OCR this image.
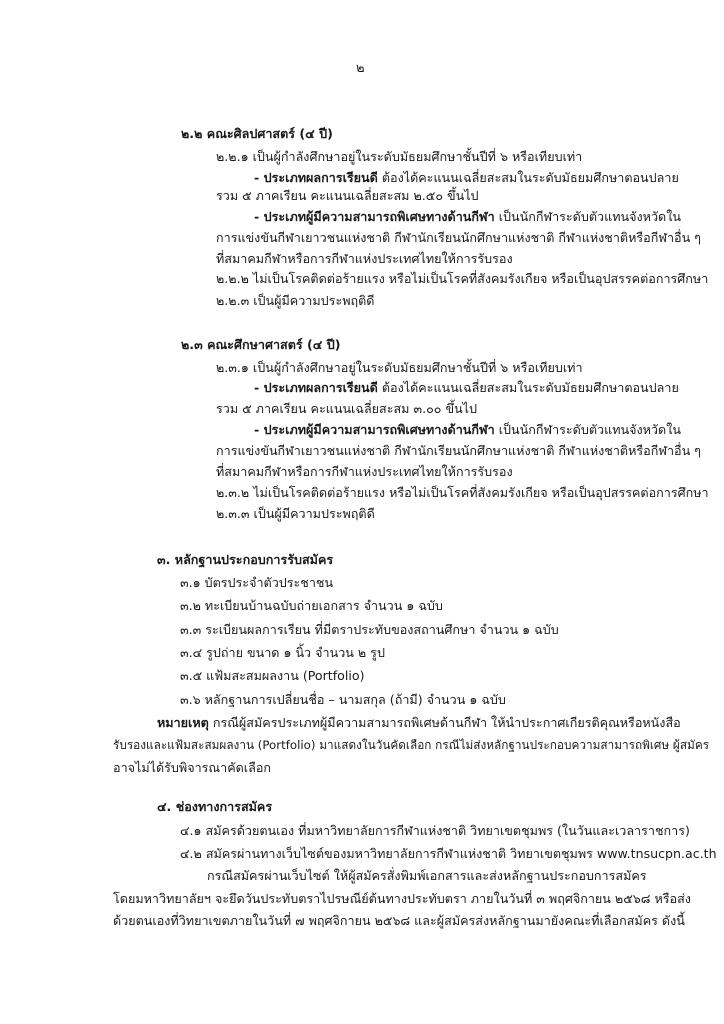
๒
๒.๒ คณะศิลปศาสตร์ (๔ ปี)
๒.๒.๑ เป็นผู้กำลังศึกษาอยู่ในระดับมัธยมศึกษาชั้นปีที่ ๖ หรือเทียบเท่า
- ประเภทผลการเรียนดี ต้องได้คะแนนเฉลี่ยสะสมในระดับมัธยมศึกษาตอนปลาย
รวม ๕ ภาคเรียน คะแนนเฉลี่ยสะสม ๒.๕๐ ขึ้นไป
- ประเภทผู้มีความสามารถพิเศษทางด้านกีฬา เป็นนักกีฬาระดับตัวแทนจังหวัดใน
การแข่งขันกีฬาเยาวชนแห่งชาติ กีฬานักเรียนนักศึกษาแห่งชาติ กีฬาแห่งชาติหรือกีฬาอื่น ๆ
ที่สมาคมกีฬาหรือการกีฬาแห่งประเทศไทยให้การรับรอง
๒.๒.๒ ไม่เป็นโรคติดต่อร้ายแรง หรือไม่เป็นโรคที่สังคมรังเกียจ หรือเป็นอุปสรรคต่อการศึกษา
๒.๒.๓ เป็นผู้มีความประพฤติดี
๒.๓ คณะศึกษาศาสตร์ (๔ ปี)
๒.๓.๑ เป็นผู้กำลังศึกษาอยู่ในระดับมัธยมศึกษาชั้นปีที่ ๖ หรือเทียบเท่า
- ประเภทผลการเรียนดี ต้องได้คะแนนเฉลี่ยสะสมในระดับมัธยมศึกษาตอนปลาย
รวม ๕ ภาคเรียน คะแนนเฉลี่ยสะสม ๓.๐๐ ขึ้นไป
- ประเภทผู้มีความสามารถพิเศษทางด้านกีฬา เป็นนักกีฬาระดับตัวแทนจังหวัดใน
การแข่งขันกีฬาเยาวชนแห่งชาติ กีฬานักเรียนนักศึกษาแห่งชาติ กีฬาแห่งชาติหรือกีฬาอื่น ๆ
ที่สมาคมกีฬาหรือการกีฬาแห่งประเทศไทยให้การรับรอง
๒.๓.๒ ไม่เป็นโรคติดต่อร้ายแรง หรือไม่เป็นโรคที่สังคมรังเกียจ หรือเป็นอุปสรรคต่อการศึกษา
๒.๓.๓ เป็นผู้มีความประพฤติดี
๓. หลักฐานประกอบการรับสมัคร
๓.๑ บัตรประจำตัวประชาชน
๓.๒ ทะเบียนบ้านฉบับถ่ายเอกสาร จำนวน ๑ ฉบับ
๓.๓ ระเบียนผลการเรียน ที่มีตราประทับของสถานศึกษา จำนวน ๑ ฉบับ
๓.๔ รูปถ่าย ขนาด ๑ นิ้ว จำนวน ๒ รูป
๓.๕ แฟ้มสะสมผลงาน (Portfolio)
๓.๖ หลักฐานการเปลี่ยนชื่อ – นามสกุล (ถ้ามี) จำนวน ๑ ฉบับ
หมายเหตุ กรณีผู้สมัครประเภทผู้มีความสามารถพิเศษด้านกีฬา ให้นำประกาศเกียรติคุณหรือหนังสือ
รับรองและแฟ้มสะสมผลงาน (Portfolio) มาแสดงในวันคัดเลือก กรณีไม่ส่งหลักฐานประกอบความสามารถพิเศษ ผู้สมัคร
อาจไม่ได้รับพิจารณาคัดเลือก
๔. ช่องทางการสมัคร
๔.๑ สมัครด้วยตนเอง ที่มหาวิทยาลัยการกีฬาแห่งชาติ วิทยาเขตชุมพร (ในวันและเวลาราชการ)
๔.๒ สมัครผ่านทางเว็บไซต์ของมหาวิทยาลัยการกีฬาแห่งชาติ วิทยาเขตชุมพร www.tnsucpn.ac.th
กรณีสมัครผ่านเว็บไซต์ ให้ผู้สมัครสั่งพิมพ์เอกสารและส่งหลักฐานประกอบการสมัคร
โดยมหาวิทยาลัยฯ จะยึดวันประทับตราไปรษณีย์ต้นทางประทับตรา ภายในวันที่ ๓ พฤศจิกายน ๒๕๖๘ หรือส่ง
ด้วยตนเองที่วิทยาเขตภายในวันที่ ๗ พฤศจิกายน ๒๕๖๘ และผู้สมัครส่งหลักฐานมายังคณะที่เลือกสมัคร ดังนี้
